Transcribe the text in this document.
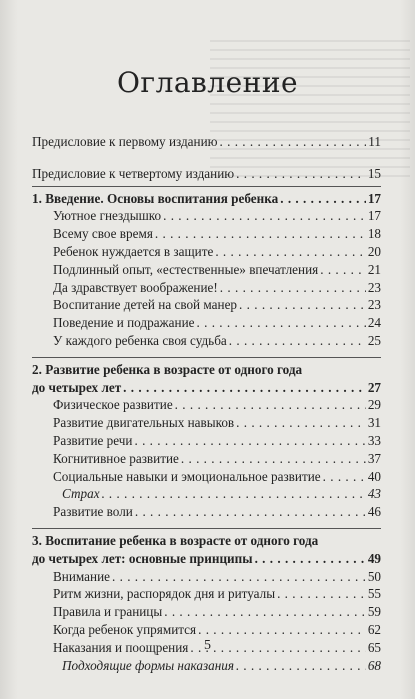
Оглавление
Предисловие к первому изданию . . .	11
Предисловие к четвертому изданию . . .	15
1. Введение. Основы воспитания ребенка . . .	17
Уютное гнездышко . . .	17
Всему свое время . . .	18
Ребенок нуждается в защите . . .	20
Подлинный опыт, «естественные» впечатления . . .	21
Да здравствует воображение! . . .	23
Воспитание детей на свой манер . . .	23
Поведение и подражание . . .	24
У каждого ребенка своя судьба . . .	25
2. Развитие ребенка в возрасте от одного года
до четырех лет . . .	27
Физическое развитие . . .	29
Развитие двигательных навыков . . .	31
Развитие речи . . .	33
Когнитивное развитие . . .	37
Социальные навыки и эмоциональное развитие . . .	40
Страх . . .	43
Развитие воли . . .	46
3. Воспитание ребенка в возрасте от одного года
до четырех лет: основные принципы . . .	49
Внимание . . .	50
Ритм жизни, распорядок дня и ритуалы . . .	55
Правила и границы . . .	59
Когда ребенок упрямится . . .	62
Наказания и поощрения . . .	65
Подходящие формы наказания . . .	68
5
